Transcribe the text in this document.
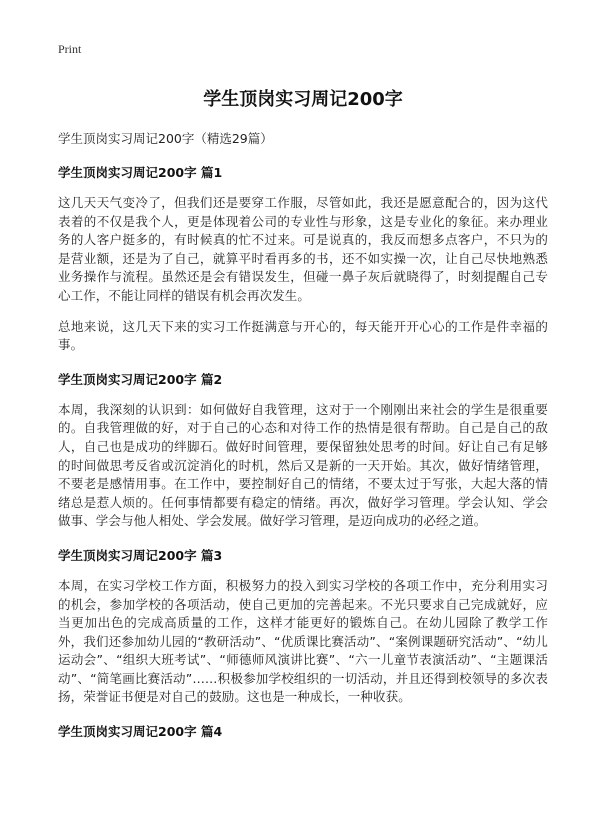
Print
学生顶岗实习周记200字
学生顶岗实习周记200字（精选29篇）
学生顶岗实习周记200字 篇1

这几天天气变冷了，但我们还是要穿工作服，尽管如此，我还是愿意配合的，因为这代表着的不仅是我个人，更是体现着公司的专业性与形象，这是专业化的象征。来办理业务的人客户挺多的，有时候真的忙不过来。可是说真的，我反而想多点客户，不只为的是营业额，还是为了自己，就算平时看再多的书，还不如实操一次，让自己尽快地熟悉业务操作与流程。虽然还是会有错误发生，但碰一鼻子灰后就晓得了，时刻提醒自己专心工作，不能让同样的错误有机会再次发生。

总地来说，这几天下来的实习工作挺满意与开心的，每天能开开心心的工作是件幸福的事。

学生顶岗实习周记200字 篇2

本周，我深刻的认识到：如何做好自我管理，这对于一个刚刚出来社会的学生是很重要的。自我管理做的好，对于自己的心态和对待工作的热情是很有帮助。自己是自己的敌人，自己也是成功的绊脚石。做好时间管理，要保留独处思考的时间。好让自己有足够的时间做思考反省或沉淀消化的时机，然后又是新的一天开始。其次，做好情绪管理，不要老是感情用事。在工作中，要控制好自己的情绪，不要太过于写张，大起大落的情绪总是惹人烦的。任何事情都要有稳定的情绪。再次，做好学习管理。学会认知、学会做事、学会与他人相处、学会发展。做好学习管理，是迈向成功的必经之道。

学生顶岗实习周记200字 篇3

本周，在实习学校工作方面，积极努力的投入到实习学校的各项工作中，充分利用实习的机会，参加学校的各项活动，使自己更加的完善起来。不光只要求自己完成就好，应当更加出色的完成高质量的工作，这样才能更好的锻炼自己。在幼儿园除了教学工作外，我们还参加幼儿园的“教研活动”、“优质课比赛活动”、“案例课题研究活动”、“幼儿运动会”、“组织大班考试”、“师德师风演讲比赛”、“六一儿童节表演活动”、“主题课活动”、“简笔画比赛活动”……积极参加学校组织的一切活动，并且还得到校领导的多次表扬，荣誉证书便是对自己的鼓励。这也是一种成长，一种收获。

学生顶岗实习周记200字 篇4
